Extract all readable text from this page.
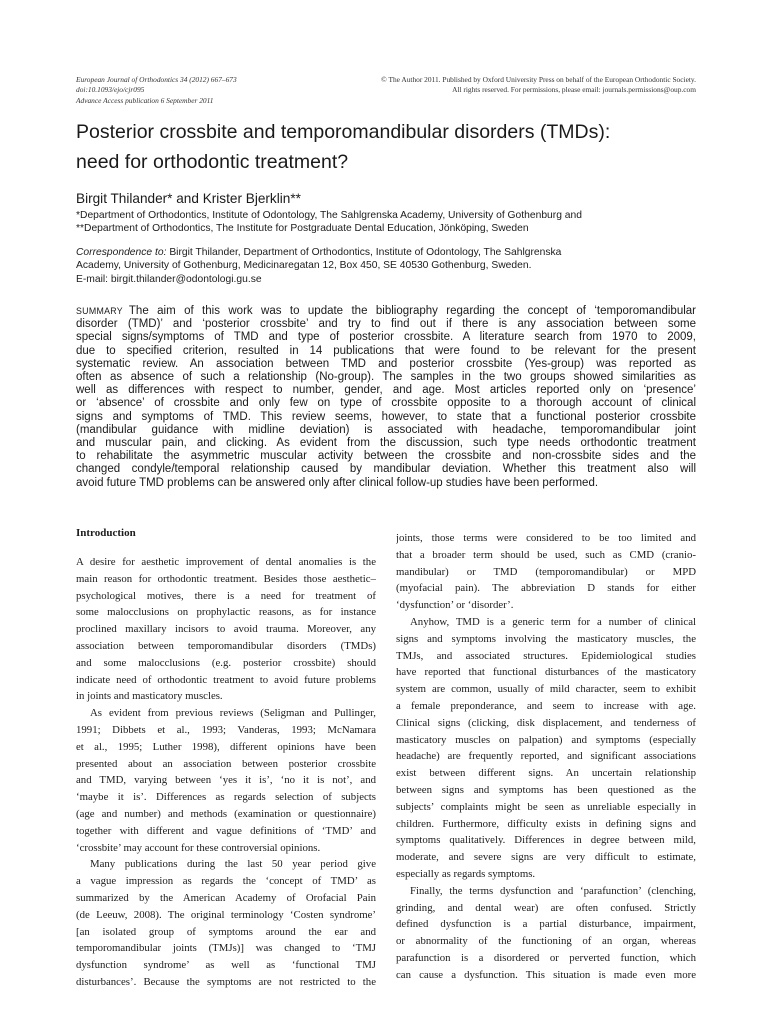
European Journal of Orthodontics 34 (2012) 667–673
doi:10.1093/ejo/cjr095
Advance Access publication 6 September 2011
© The Author 2011. Published by Oxford University Press on behalf of the European Orthodontic Society.
All rights reserved. For permissions, please email: journals.permissions@oup.com
Posterior crossbite and temporomandibular disorders (TMDs):
need for orthodontic treatment?
Birgit Thilander* and Krister Bjerklin**
*Department of Orthodontics, Institute of Odontology, The Sahlgrenska Academy, University of Gothenburg and
**Department of Orthodontics, The Institute for Postgraduate Dental Education, Jönköping, Sweden
Correspondence to: Birgit Thilander, Department of Orthodontics, Institute of Odontology, The Sahlgrenska
Academy, University of Gothenburg, Medicinaregatan 12, Box 450, SE 40530 Gothenburg, Sweden.
E-mail: birgit.thilander@odontologi.gu.se
SUMMARY The aim of this work was to update the bibliography regarding the concept of ‘temporomandibular
disorder (TMD)’ and ‘posterior crossbite’ and try to find out if there is any association between some
special signs/symptoms of TMD and type of posterior crossbite. A literature search from 1970 to 2009,
due to specified criterion, resulted in 14 publications that were found to be relevant for the present
systematic review. An association between TMD and posterior crossbite (Yes-group) was reported as
often as absence of such a relationship (No-group). The samples in the two groups showed similarities as
well as differences with respect to number, gender, and age. Most articles reported only on ‘presence’
or ‘absence’ of crossbite and only few on type of crossbite opposite to a thorough account of clinical
signs and symptoms of TMD. This review seems, however, to state that a functional posterior crossbite
(mandibular guidance with midline deviation) is associated with headache, temporomandibular joint
and muscular pain, and clicking. As evident from the discussion, such type needs orthodontic treatment
to rehabilitate the asymmetric muscular activity between the crossbite and non-crossbite sides and the
changed condyle/temporal relationship caused by mandibular deviation. Whether this treatment also will
avoid future TMD problems can be answered only after clinical follow-up studies have been performed.
Introduction
A desire for aesthetic improvement of dental anomalies is the
main reason for orthodontic treatment. Besides those aesthetic–
psychological motives, there is a need for treatment of
some malocclusions on prophylactic reasons, as for instance
proclined maxillary incisors to avoid trauma. Moreover, any
association between temporomandibular disorders (TMDs)
and some malocclusions (e.g. posterior crossbite) should
indicate need of orthodontic treatment to avoid future problems
in joints and masticatory muscles.
As evident from previous reviews (Seligman and Pullinger,
1991; Dibbets et al., 1993; Vanderas, 1993; McNamara
et al., 1995; Luther 1998), different opinions have been
presented about an association between posterior crossbite
and TMD, varying between ‘yes it is’, ‘no it is not’, and
‘maybe it is’. Differences as regards selection of subjects
(age and number) and methods (examination or questionnaire)
together with different and vague definitions of ‘TMD’ and
‘crossbite’ may account for these controversial opinions.
Many publications during the last 50 year period give
a vague impression as regards the ‘concept of TMD’ as
summarized by the American Academy of Orofacial Pain
(de Leeuw, 2008). The original terminology ‘Costen syndrome’
[an isolated group of symptoms around the ear and
temporomandibular joints (TMJs)] was changed to ‘TMJ
dysfunction syndrome’ as well as ‘functional TMJ
disturbances’. Because the symptoms are not restricted to the
joints, those terms were considered to be too limited and
that a broader term should be used, such as CMD (cranio-
mandibular) or TMD (temporomandibular) or MPD
(myofacial pain). The abbreviation D stands for either
‘dysfunction’ or ‘disorder’.
Anyhow, TMD is a generic term for a number of clinical
signs and symptoms involving the masticatory muscles, the
TMJs, and associated structures. Epidemiological studies
have reported that functional disturbances of the masticatory
system are common, usually of mild character, seem to exhibit
a female preponderance, and seem to increase with age.
Clinical signs (clicking, disk displacement, and tenderness of
masticatory muscles on palpation) and symptoms (especially
headache) are frequently reported, and significant associations
exist between different signs. An uncertain relationship
between signs and symptoms has been questioned as the
subjects’ complaints might be seen as unreliable especially in
children. Furthermore, difficulty exists in defining signs and
symptoms qualitatively. Differences in degree between mild,
moderate, and severe signs are very difficult to estimate,
especially as regards symptoms.
Finally, the terms dysfunction and ‘parafunction’ (clenching,
grinding, and dental wear) are often confused. Strictly
defined dysfunction is a partial disturbance, impairment,
or abnormality of the functioning of an organ, whereas
parafunction is a disordered or perverted function, which
can cause a dysfunction. This situation is made even more
